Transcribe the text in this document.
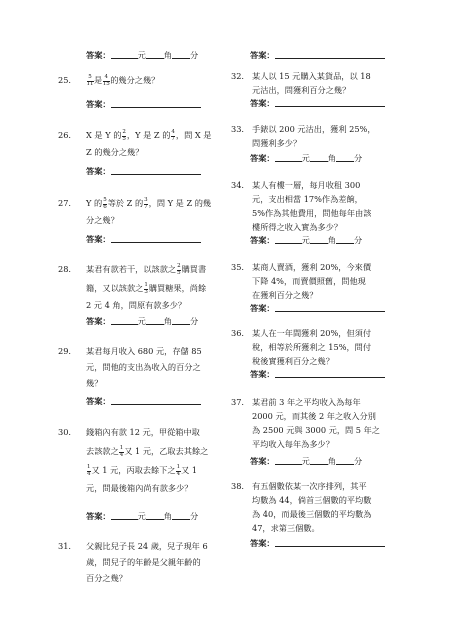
答案：	元 角 分
25.	$\frac{5}{11}$ 是 $\frac{4}{15}$ 的幾分之幾？
答案：
26.	X 是 Y 的 $\frac{2}{5}$ ，Y 是 Z 的 $\frac{4}{7}$ ，問 X 是
Z 的幾分之幾？
答案：
27.	Y 的 $\frac{5}{6}$ 等於 Z 的 $\frac{3}{7}$ ，問 Y 是 Z 的幾
分之幾？
答案：
28.	某君有款若干，以該款之 $\frac{2}{5}$ 購買書
籍，又以該款之 $\frac{1}{3}$ 購買糖果，尚餘
2 元 4 角，問原有款多少？
答案：	元 角 分
29.	某君每月收入 680 元，存儲 85
元，問他的支出為收入的百分之
幾？
答案：
30.	錢箱內有款 12 元，甲從箱中取
去該款之 $\frac{1}{4}$ 又 1 元，乙取去其餘之
$\frac{1}{4}$ 又 1 元，丙取去餘下之 $\frac{1}{4}$ 又 1
元，問最後箱內尚有款多少？
答案：	元 角 分
31.	父親比兒子長 24 歲，兒子現年 6
歲，問兒子的年齡是父親年齡的
百分之幾？
答案：
32. 某人以 15 元購入某貨品，以 18
元沽出，問獲利百分之幾？
答案：
33. 手錶以 200 元沽出，獲利 25%，
問獲利多少？
答案：	元 角 分
34. 某人有樓一層，每月收租 300
元，支出相當 17%作為差餉，
5%作為其他費用，問他每年由該
樓所得之收入實為多少？
答案：	元 角 分
35. 某商人賣酒，獲利 20%，今來價
下降 4%，而賣價照舊，問他現
在獲利百分之幾？
答案：
36. 某人在一年間獲利 20%，但須付
稅，相等於所獲利之 15%，問付
稅後實獲利百分之幾？
答案：
37. 某君前 3 年之平均收入為每年
2000 元，而其後 2 年之收入分別
為 2500 元與 3000 元，問 5 年之
平均收入每年為多少？
答案：	元 角 分
38. 有五個數依某一次序排列，其平
均數為 44，倘首三個數的平均數
為 40，而最後三個數的平均數為
47，求第三個數。
答案：
